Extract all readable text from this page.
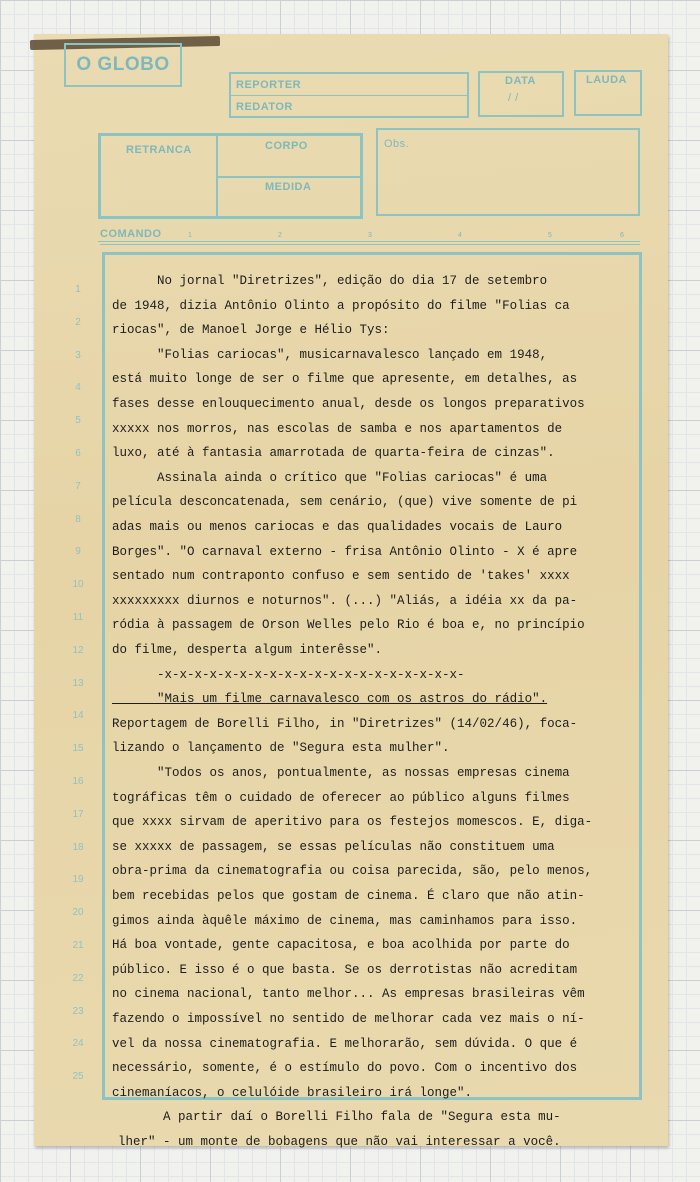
O GLOBO
REPORTER
REDATOR
DATA
/ /
LAUDA
RETRANCA	CORPO
MEDIDA
Obs.
COMANDO	1	2	3	4	5	6
1
2
3
4
5
6
7
8
9
10
11
12
13
14
15
16
17
18
19
20
21
22
23
24
25
No jornal "Diretrizes", edição do dia 17 de setembro
de 1948, dizia Antônio Olinto a propósito do filme "Folias ca
riocas", de Manoel Jorge e Hélio Tys:
"Folias cariocas", musicarnavalesco lançado em 1948,
está muito longe de ser o filme que apresente, em detalhes, as
fases desse enlouquecimento anual, desde os longos preparativos
xxxxx nos morros, nas escolas de samba e nos apartamentos de
luxo, até à fantasia amarrotada de quarta-feira de cinzas".
Assinala ainda o crítico que "Folias cariocas" é uma
película desconcatenada, sem cenário, (que) vive somente de pi
adas mais ou menos cariocas e das qualidades vocais de Lauro
Borges". "O carnaval externo - frisa Antônio Olinto - X é apre
sentado num contraponto confuso e sem sentido de 'takes' xxxx
xxxxxxxxx diurnos e noturnos". (...) "Aliás, a idéia xx da pa-
ródia à passagem de Orson Welles pelo Rio é boa e, no princípio
do filme, desperta algum interêsse".
-x-x-x-x-x-x-x-x-x-x-x-x-x-x-x-x-x-x-x-x-
"Mais um filme carnavalesco com os astros do rádio".
Reportagem de Borelli Filho, in "Diretrizes" (14/02/46), foca-
lizando o lançamento de "Segura esta mulher".
"Todos os anos, pontualmente, as nossas empresas cinema
tográficas têm o cuidado de oferecer ao público alguns filmes
que xxxx sirvam de aperitivo para os festejos momescos. E, diga-
se xxxxx de passagem, se essas películas não constituem uma
obra-prima da cinematografia ou coisa parecida, são, pelo menos,
bem recebidas pelos que gostam de cinema. É claro que não atin-
gimos ainda àquêle máximo de cinema, mas caminhamos para isso.
Há boa vontade, gente capacitosa, e boa acolhida por parte do
público. E isso é o que basta. Se os derrotistas não acreditam
no cinema nacional, tanto melhor... As empresas brasileiras vêm
fazendo o impossível no sentido de melhorar cada vez mais o ní-
vel da nossa cinematografia. E melhorarão, sem dúvida. O que é
necessário, somente, é o estímulo do povo. Com o incentivo dos
cinemaníacos, o celulóide brasileiro irá longe".
A partir daí o Borelli Filho fala de "Segura esta mu-
lher" - um monte de bobagens que não vai interessar a você.
